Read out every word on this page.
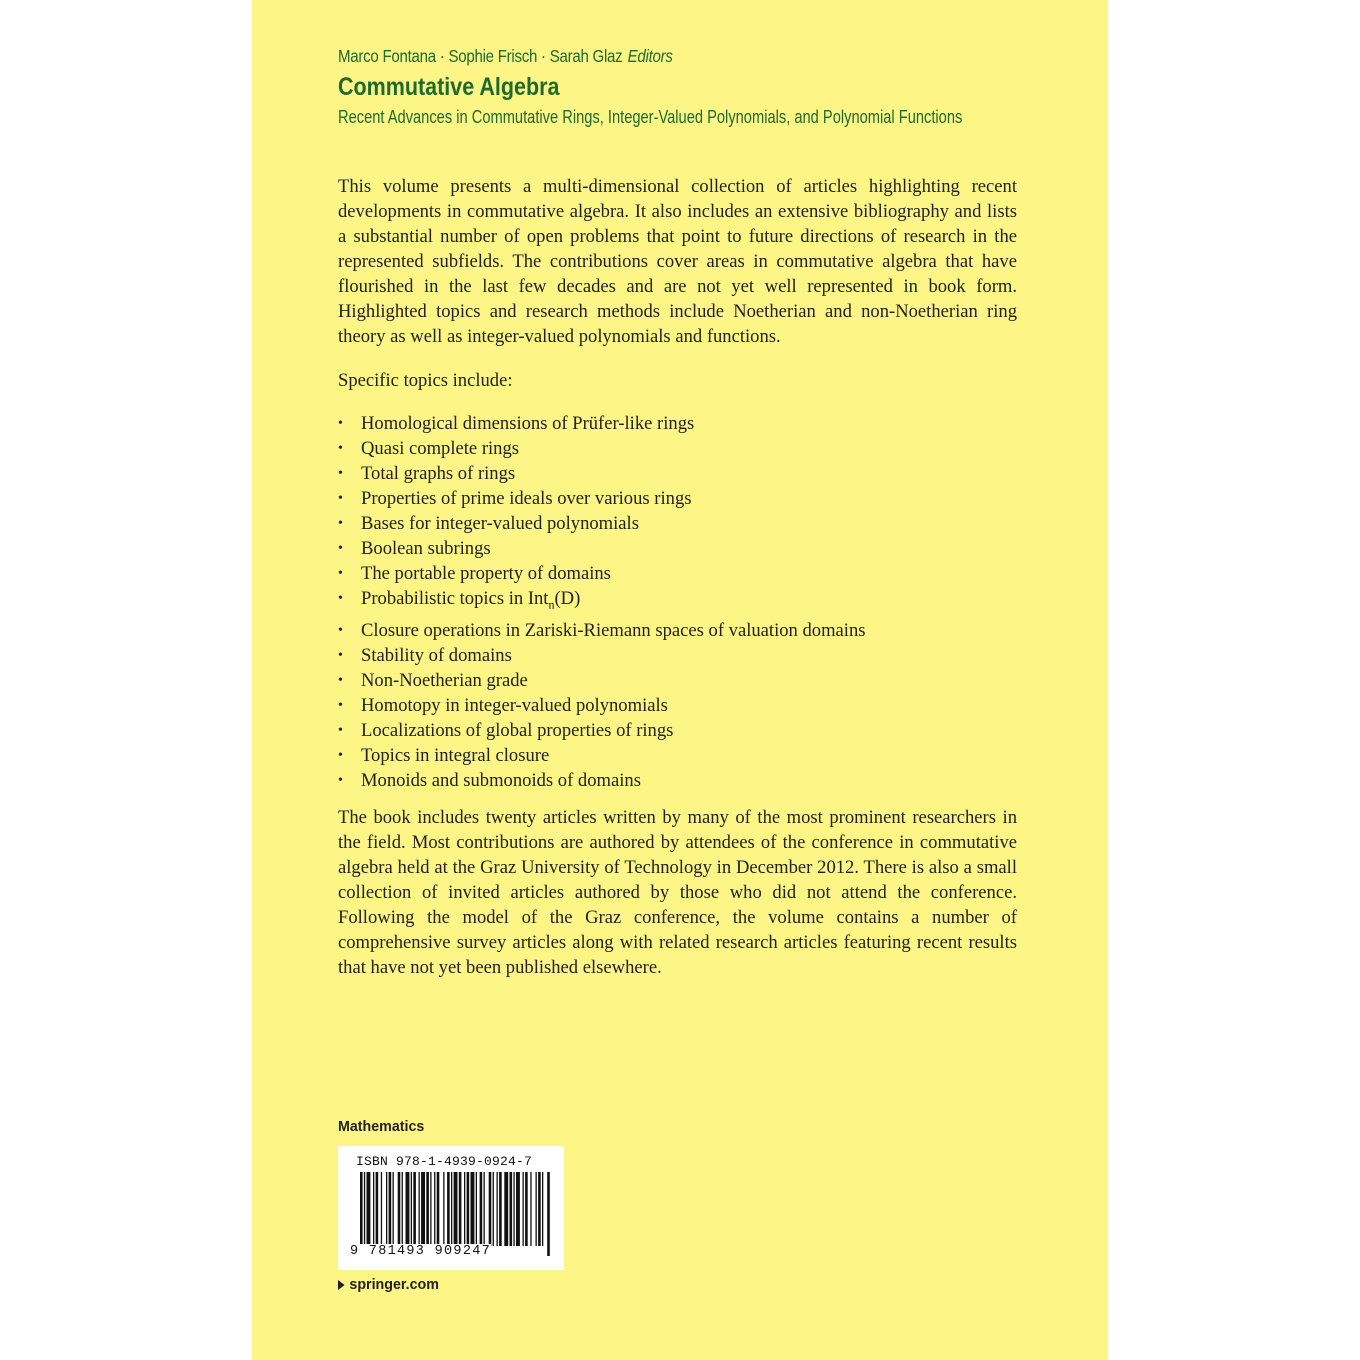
Marco Fontana · Sophie Frisch · Sarah Glaz Editors
Commutative Algebra
Recent Advances in Commutative Rings, Integer-Valued Polynomials, and Polynomial Functions

This volume presents a multi-dimensional collection of articles highlighting recent developments in commutative algebra. It also includes an extensive bibliography and lists a substantial number of open problems that point to future directions of research in the represented subfields. The contributions cover areas in commutative algebra that have flourished in the last few decades and are not yet well represented in book form. Highlighted topics and research methods include Noetherian and non-Noetherian ring theory as well as integer-valued polynomials and functions.

Specific topics include:

• Homological dimensions of Prüfer-like rings
• Quasi complete rings
• Total graphs of rings
• Properties of prime ideals over various rings
• Bases for integer-valued polynomials
• Boolean subrings
• The portable property of domains
• Probabilistic topics in Int$_n$(D)
• Closure operations in Zariski-Riemann spaces of valuation domains
• Stability of domains
• Non-Noetherian grade
• Homotopy in integer-valued polynomials
• Localizations of global properties of rings
• Topics in integral closure
• Monoids and submonoids of domains

The book includes twenty articles written by many of the most prominent researchers in the field. Most contributions are authored by attendees of the conference in commutative algebra held at the Graz University of Technology in December 2012. There is also a small collection of invited articles authored by those who did not attend the conference. Following the model of the Graz conference, the volume contains a number of comprehensive survey articles along with related research articles featuring recent results that have not yet been published elsewhere.

Mathematics
ISBN 978-1-4939-0924-7
9 781493 909247
springer.com
